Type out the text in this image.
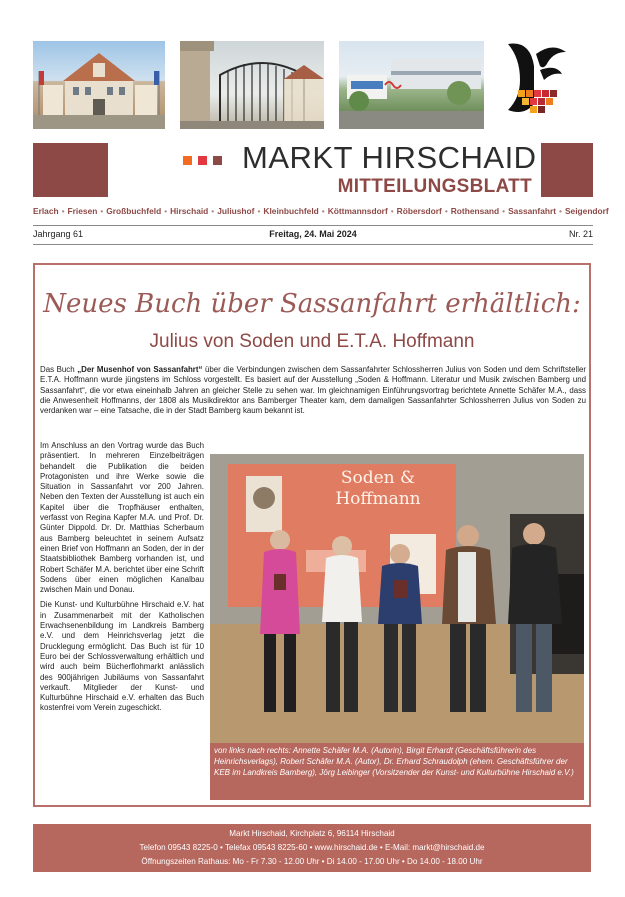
MARKT HIRSCHAID
MITTEILUNGSBLATT
Erlach • Friesen • Großbuchfeld • Hirschaid • Juliushof • Kleinbuchfeld • Köttmannsdorf • Röbersdorf • Rothensand • Sassanfahrt • Seigendorf
Jahrgang 61	Freitag, 24. Mai 2024	Nr. 21
Neues Buch über Sassanfahrt erhältlich:
Julius von Soden und E.T.A. Hoffmann
Das Buch „Der Musenhof von Sassanfahrt“ über die Verbindungen zwischen dem Sassanfahrter Schlossherren Julius von Soden und dem Schriftsteller E.T.A. Hoffmann wurde jüngstens im Schloss vorgestellt. Es basiert auf der Ausstellung „Soden & Hoffmann. Literatur und Musik zwischen Bamberg und Sassanfahrt“, die vor etwa eineinhalb Jahren an gleicher Stelle zu sehen war. Im gleichnamigen Einführungsvortrag berichtete Annette Schäfer M.A., dass die Anwesenheit Hoffmanns, der 1808 als Musikdirektor ans Bamberger Theater kam, dem damaligen Sassanfahrter Schlossherren Julius von Soden zu verdanken war – eine Tatsache, die in der Stadt Bamberg kaum bekannt ist.

Im Anschluss an den Vortrag wurde das Buch präsentiert. In mehreren Einzelbeiträgen behandelt die Publikation die beiden Protagonisten und ihre Werke sowie die Situation in Sassanfahrt vor 200 Jahren. Neben den Texten der Ausstellung ist auch ein Kapitel über die Tropfhäuser enthalten, verfasst von Regina Kapfer M.A. und Prof. Dr. Günter Dippold. Dr. Dr. Matthias Scherbaum aus Bamberg beleuchtet in seinem Aufsatz einen Brief von Hoffmann an Soden, der in der Staatsbibliothek Bamberg vorhanden ist, und Robert Schäfer M.A. berichtet über eine Schrift Sodens über einen möglichen Kanalbau zwischen Main und Donau.

Die Kunst- und Kulturbühne Hirschaid e.V. hat in Zusammenarbeit mit der Katholischen Erwachsenenbildung im Landkreis Bamberg e.V. und dem Heinrichsverlag jetzt die Drucklegung ermöglicht. Das Buch ist für 10 Euro bei der Schlossverwaltung erhältlich und wird auch beim Bücherflohmarkt anlässlich des 900jährigen Jubiläums von Sassanfahrt verkauft. Mitglieder der Kunst- und Kulturbühne Hirschaid e.V. erhalten das Buch kostenfrei vom Verein zugeschickt.

Soden & Hoffmann
von links nach rechts: Annette Schäfer M.A. (Autorin), Birgit Erhardt (Geschäftsführerin des Heinrichsverlags), Robert Schäfer M.A. (Autor), Dr. Erhard Schraudolph (ehem. Geschäftsführer der KEB im Landkreis Bamberg), Jörg Leibinger (Vorsitzender der Kunst- und Kulturbühne Hirschaid e.V.)
Markt Hirschaid, Kirchplatz 6, 96114 Hirschaid
Telefon 09543 8225-0 • Telefax 09543 8225-60 • www.hirschaid.de • E-Mail: markt@hirschaid.de
Öffnungszeiten Rathaus: Mo - Fr 7.30 - 12.00 Uhr • Di 14.00 - 17.00 Uhr • Do 14.00 - 18.00 Uhr
